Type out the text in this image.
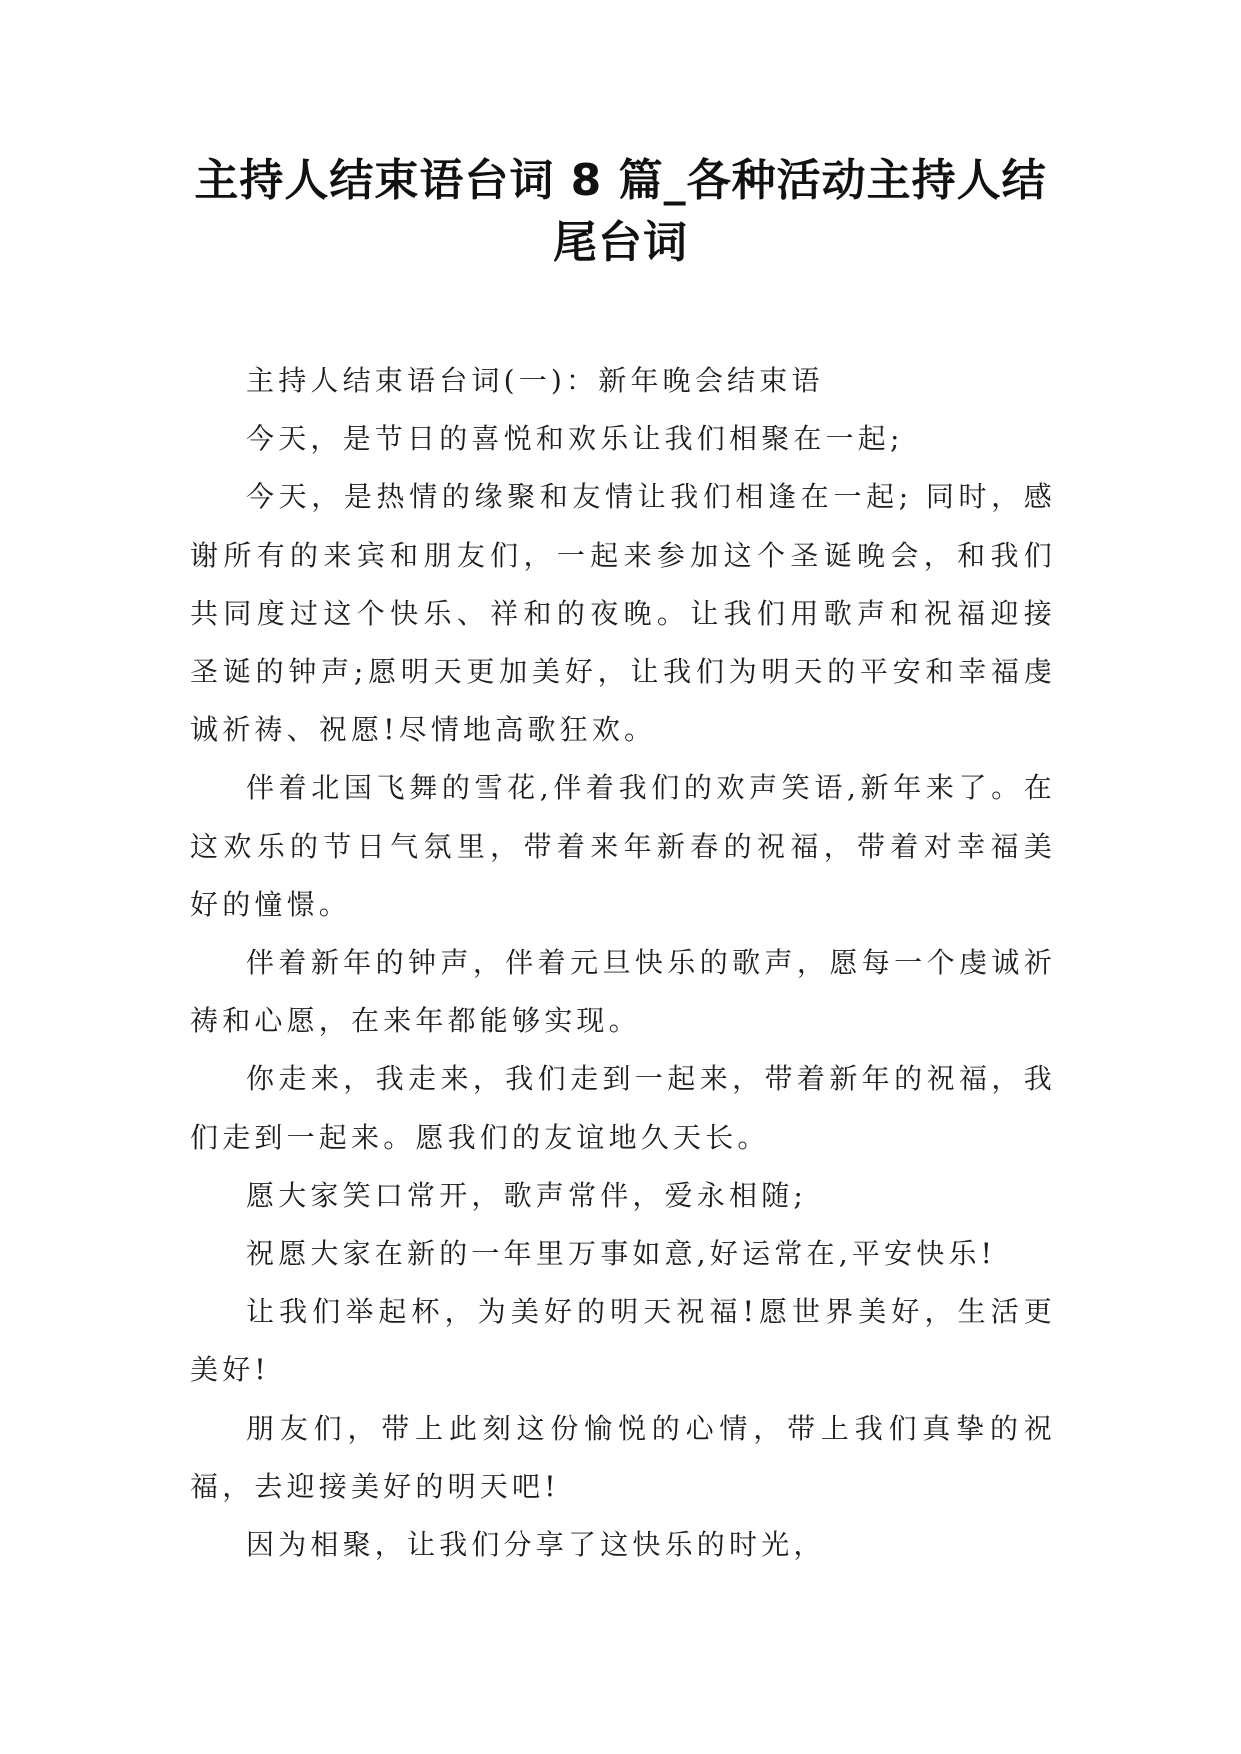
主持人结束语台词 8 篇_各种活动主持人结
尾台词

主持人结束语台词(一)：新年晚会结束语

今天，是节日的喜悦和欢乐让我们相聚在一起;

今天，是热情的缘聚和友情让我们相逢在一起; 同时，感谢所有的来宾和朋友们，一起来参加这个圣诞晚会，和我们共同度过这个快乐、祥和的夜晚。让我们用歌声和祝福迎接圣诞的钟声;愿明天更加美好，让我们为明天的平安和幸福虔诚祈祷、祝愿!尽情地高歌狂欢。

伴着北国飞舞的雪花,伴着我们的欢声笑语,新年来了。在这欢乐的节日气氛里，带着来年新春的祝福，带着对幸福美好的憧憬。

伴着新年的钟声，伴着元旦快乐的歌声，愿每一个虔诚祈祷和心愿，在来年都能够实现。

你走来，我走来，我们走到一起来，带着新年的祝福，我们走到一起来。愿我们的友谊地久天长。

愿大家笑口常开，歌声常伴，爱永相随;

祝愿大家在新的一年里万事如意,好运常在,平安快乐!

让我们举起杯，为美好的明天祝福!愿世界美好，生活更美好!

朋友们，带上此刻这份愉悦的心情，带上我们真挚的祝福，去迎接美好的明天吧!

因为相聚，让我们分享了这快乐的时光，
